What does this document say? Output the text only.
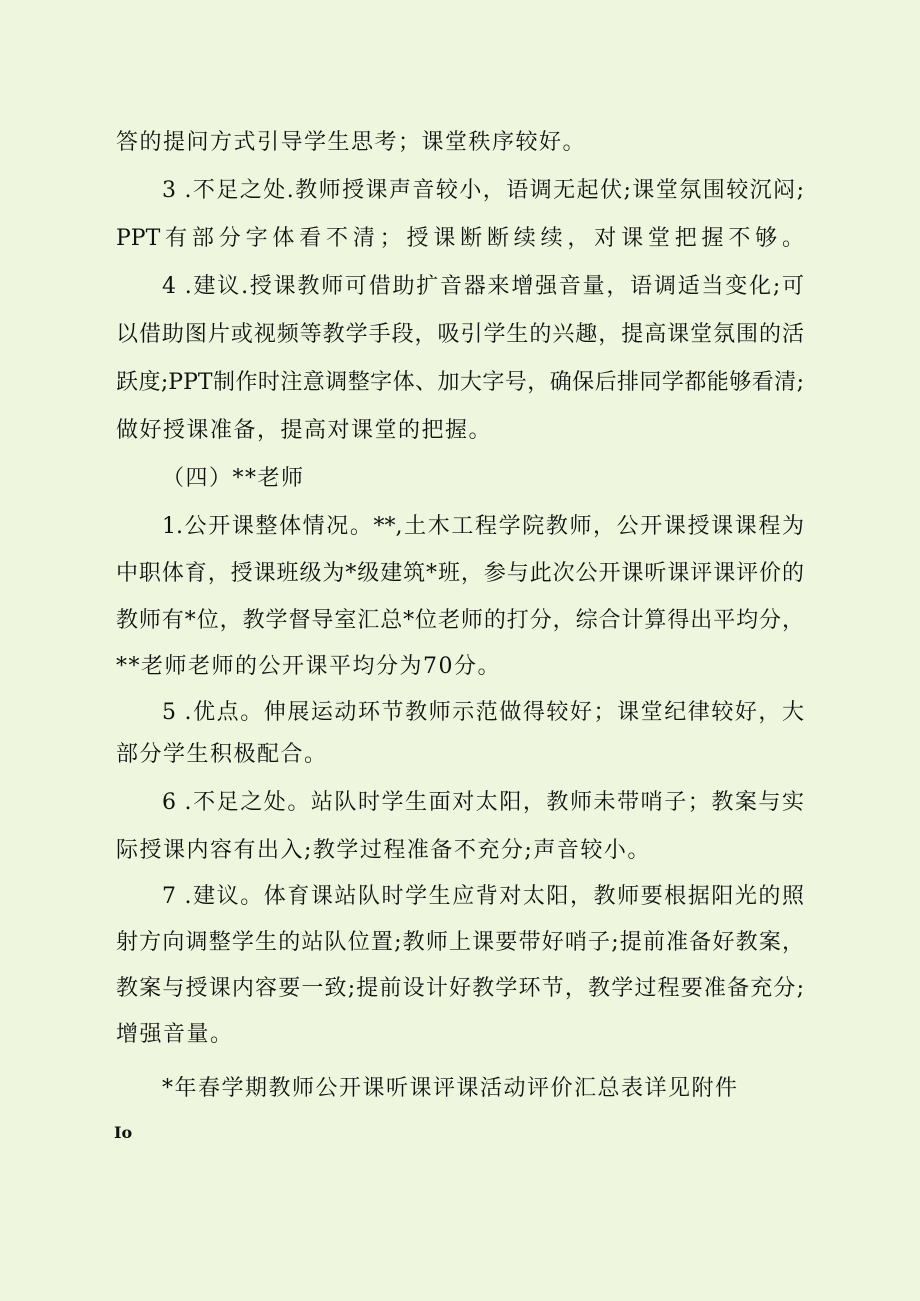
答的提问方式引导学生思考；课堂秩序较好。
3 .不足之处.教师授课声音较小，语调无起伏;课堂氛围较沉闷;
PPT有部分字体看不清；授课断断续续，对课堂把握不够。
4 .建议.授课教师可借助扩音器来增强音量，语调适当变化;可
以借助图片或视频等教学手段，吸引学生的兴趣，提高课堂氛围的活
跃度;PPT制作时注意调整字体、加大字号，确保后排同学都能够看清;
做好授课准备，提高对课堂的把握。
（四）**老师
1.公开课整体情况。**,土木工程学院教师，公开课授课课程为
中职体育，授课班级为*级建筑*班，参与此次公开课听课评课评价的
教师有*位，教学督导室汇总*位老师的打分，综合计算得出平均分，
**老师老师的公开课平均分为70分。
5 .优点。伸展运动环节教师示范做得较好；课堂纪律较好，大
部分学生积极配合。
6 .不足之处。站队时学生面对太阳，教师未带哨子；教案与实
际授课内容有出入;教学过程准备不充分;声音较小。
7 .建议。体育课站队时学生应背对太阳，教师要根据阳光的照
射方向调整学生的站队位置;教师上课要带好哨子;提前准备好教案，
教案与授课内容要一致;提前设计好教学环节，教学过程要准备充分;
增强音量。
*年春学期教师公开课听课评课活动评价汇总表详见附件
Io
